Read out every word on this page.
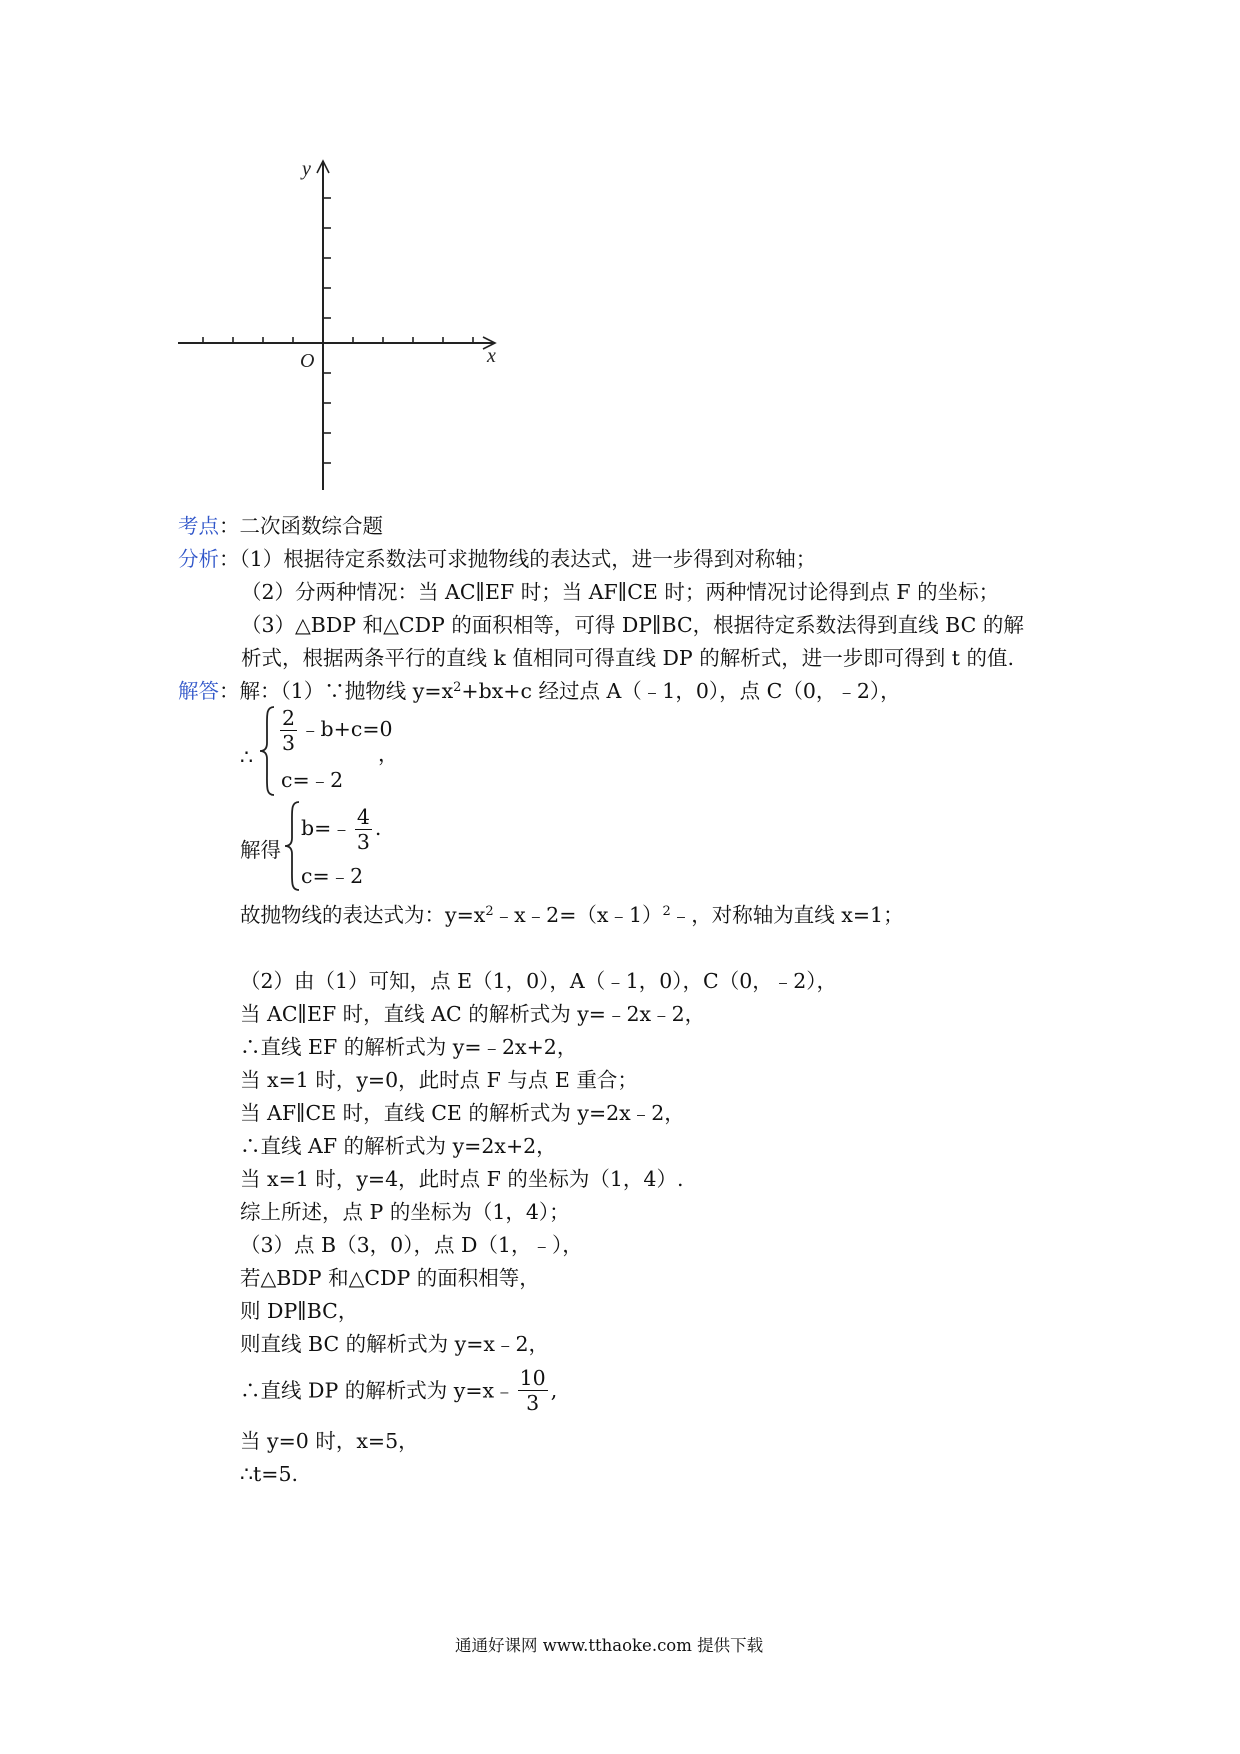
y
x
O
考点：二次函数综合题
分析：（1）根据待定系数法可求抛物线的表达式，进一步得到对称轴；
（2）分两种情况：当 AC∥EF 时；当 AF∥CE 时；两种情况讨论得到点 F 的坐标；
（3）△BDP 和△CDP 的面积相等，可得 DP∥BC，根据待定系数法得到直线 BC 的解
析式，根据两条平行的直线 k 值相同可得直线 DP 的解析式，进一步即可得到 t 的值.
解答：解：（1）∵抛物线 $y=x^2+bx+c$ 经过点 A（﹣1，0），点 C（0，﹣2），
∴
$\frac{2}{3}$ ﹣b+c=0
c=﹣2
，
解得
b=﹣ $\frac{4}{3}$ .
c=﹣2
故抛物线的表达式为：$y=x^2﹣x﹣2=(x﹣1)^2﹣$，对称轴为直线 x=1；
（2）由（1）可知，点 E（1，0），A（﹣1，0），C（0，﹣2），
当 AC∥EF 时，直线 AC 的解析式为 y=﹣2x﹣2，
∴直线 EF 的解析式为 y=﹣2x+2，
当 x=1 时，y=0，此时点 F 与点 E 重合；
当 AF∥CE 时，直线 CE 的解析式为 y=2x﹣2，
∴直线 AF 的解析式为 y=2x+2，
当 x=1 时，y=4，此时点 F 的坐标为（1，4）.
综上所述，点 P 的坐标为（1，4）；
（3）点 B（3，0），点 D（1，﹣），
若△BDP 和△CDP 的面积相等，
则 DP∥BC，
则直线 BC 的解析式为 y=x﹣2，
∴直线 DP 的解析式为 y=x﹣ $\frac{10}{3}$ ,
当 y=0 时，x=5，
∴t=5.
通通好课网 www.tthaoke.com 提供下载
